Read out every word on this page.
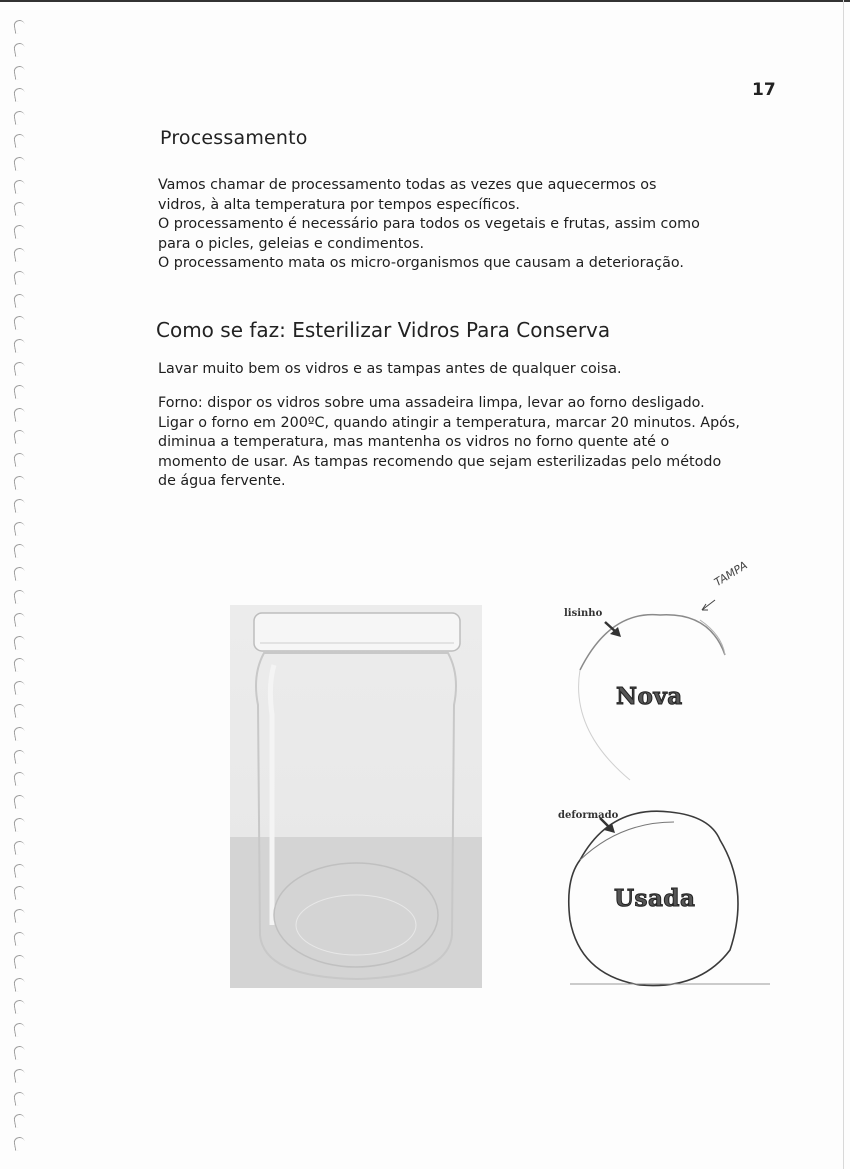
17
Processamento
Vamos chamar de processamento todas as vezes que aquecermos os
vidros, à alta temperatura por tempos específicos.
O processamento é necessário para todos os vegetais e frutas, assim como
para o picles, geleias e condimentos.
O processamento mata os micro-organismos que causam a deterioração.
Como se faz: Esterilizar Vidros Para Conserva
Lavar muito bem os vidros e as tampas antes de qualquer coisa.
Forno: dispor os vidros sobre uma assadeira limpa, levar ao forno desligado.
Ligar o forno em 200ºC, quando atingir a temperatura, marcar 20 minutos. Após,
diminua a temperatura, mas mantenha os vidros no forno quente até o
momento de usar. As tampas recomendo que sejam esterilizadas pelo método
de água fervente.
lisinho
Nova
deformado
Usada
TAMPA
